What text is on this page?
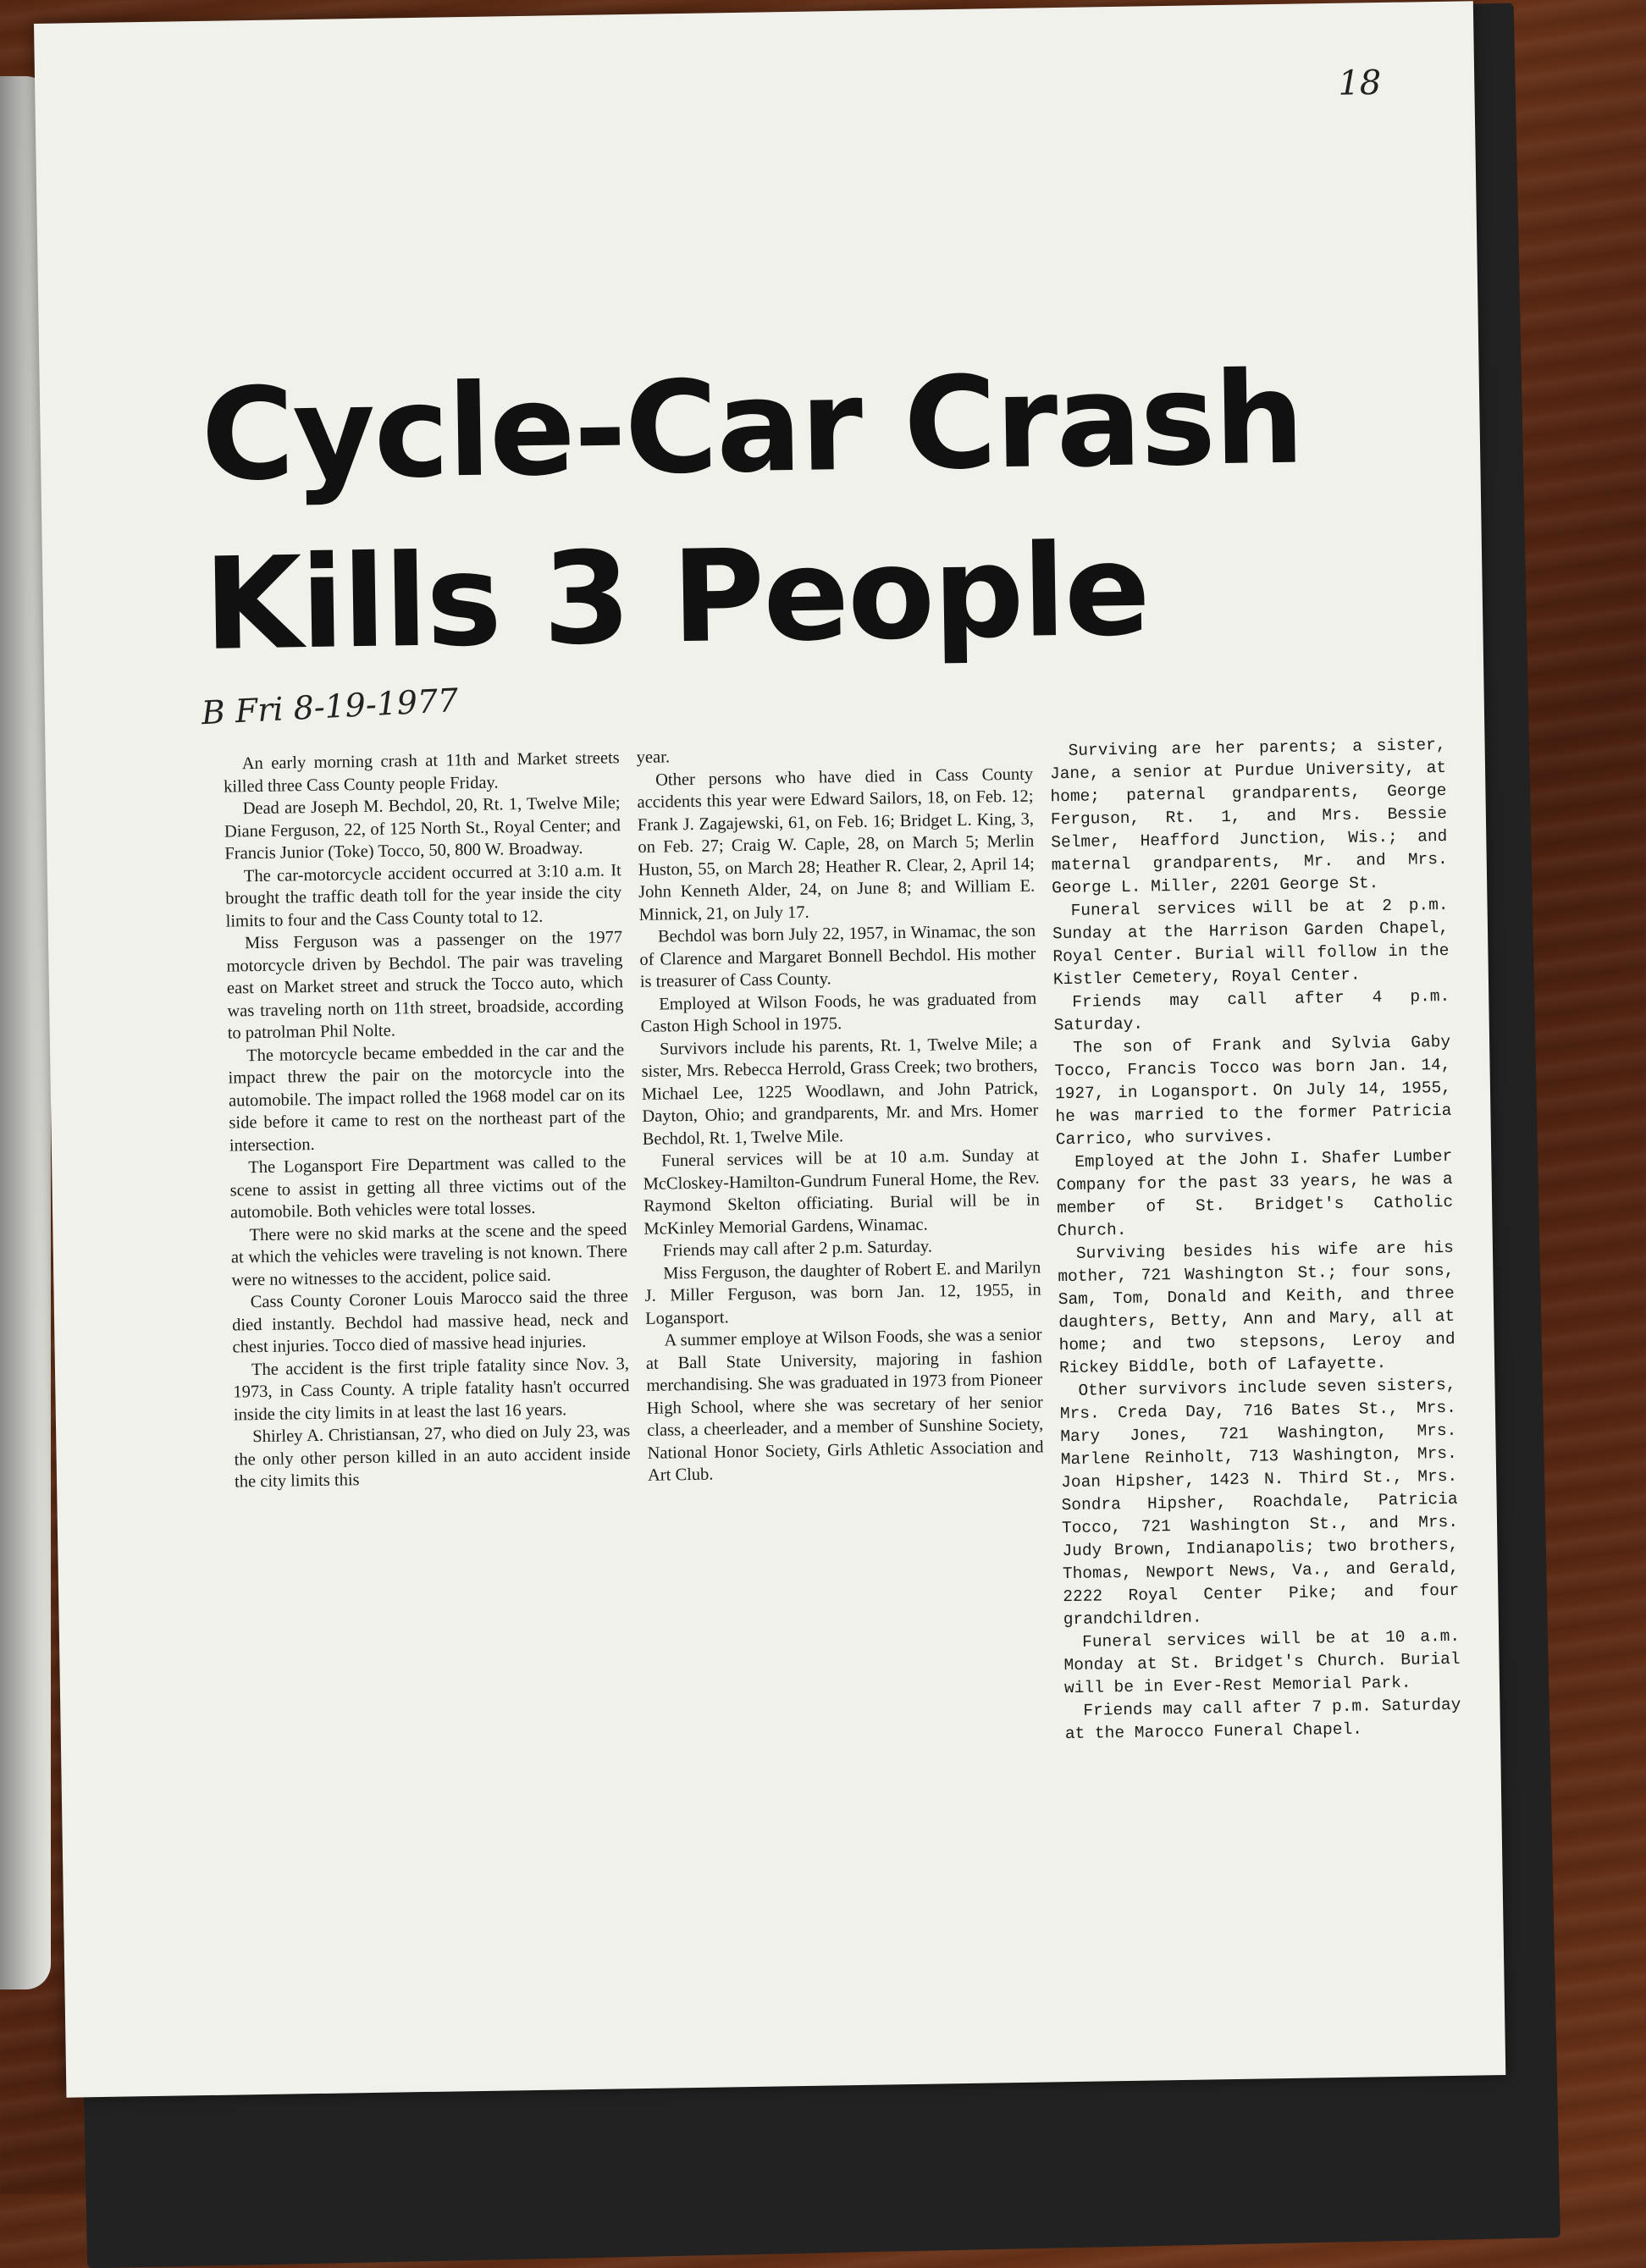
18
Cycle-Car Crash
Kills 3 People
B Fri 8-19-1977

An early morning crash at 11th and Market streets killed three Cass County people Friday.

Dead are Joseph M. Bechdol, 20, Rt. 1, Twelve Mile; Diane Ferguson, 22, of 125 North St., Royal Center; and Francis Junior (Toke) Tocco, 50, 800 W. Broadway.

The car-motorcycle accident occurred at 3:10 a.m. It brought the traffic death toll for the year inside the city limits to four and the Cass County total to 12.

Miss Ferguson was a passenger on the 1977 motorcycle driven by Bechdol. The pair was traveling east on Market street and struck the Tocco auto, which was traveling north on 11th street, broadside, according to patrolman Phil Nolte.

The motorcycle became embedded in the car and the impact threw the pair on the motorcycle into the automobile. The impact rolled the 1968 model car on its side before it came to rest on the northeast part of the intersection.

The Logansport Fire Department was called to the scene to assist in getting all three victims out of the automobile. Both vehicles were total losses.

There were no skid marks at the scene and the speed at which the vehicles were traveling is not known. There were no witnesses to the accident, police said.

Cass County Coroner Louis Marocco said the three died instantly. Bechdol had massive head, neck and chest injuries. Tocco died of massive head injuries.

The accident is the first triple fatality since Nov. 3, 1973, in Cass County. A triple fatality hasn't occurred inside the city limits in at least the last 16 years.

Shirley A. Christiansan, 27, who died on July 23, was the only other person killed in an auto accident inside the city limits this

year.

Other persons who have died in Cass County accidents this year were Edward Sailors, 18, on Feb. 12; Frank J. Zagajewski, 61, on Feb. 16; Bridget L. King, 3, on Feb. 27; Craig W. Caple, 28, on March 5; Merlin Huston, 55, on March 28; Heather R. Clear, 2, April 14; John Kenneth Alder, 24, on June 8; and William E. Minnick, 21, on July 17.

Bechdol was born July 22, 1957, in Winamac, the son of Clarence and Margaret Bonnell Bechdol. His mother is treasurer of Cass County.

Employed at Wilson Foods, he was graduated from Caston High School in 1975.

Survivors include his parents, Rt. 1, Twelve Mile; a sister, Mrs. Rebecca Herrold, Grass Creek; two brothers, Michael Lee, 1225 Woodlawn, and John Patrick, Dayton, Ohio; and grandparents, Mr. and Mrs. Homer Bechdol, Rt. 1, Twelve Mile.

Funeral services will be at 10 a.m. Sunday at McCloskey-Hamilton-Gundrum Funeral Home, the Rev. Raymond Skelton officiating. Burial will be in McKinley Memorial Gardens, Winamac.

Friends may call after 2 p.m. Saturday.

Miss Ferguson, the daughter of Robert E. and Marilyn J. Miller Ferguson, was born Jan. 12, 1955, in Logansport.

A summer employe at Wilson Foods, she was a senior at Ball State University, majoring in fashion merchandising. She was graduated in 1973 from Pioneer High School, where she was secretary of her senior class, a cheerleader, and a member of Sunshine Society, National Honor Society, Girls Athletic Association and Art Club.

Surviving are her parents; a sister, Jane, a senior at Purdue University, at home; paternal grandparents, George Ferguson, Rt. 1, and Mrs. Bessie Selmer, Heafford Junction, Wis.; and maternal grandparents, Mr. and Mrs. George L. Miller, 2201 George St.

Funeral services will be at 2 p.m. Sunday at the Harrison Garden Chapel, Royal Center. Burial will follow in the Kistler Cemetery, Royal Center.

Friends may call after 4 p.m. Saturday.

The son of Frank and Sylvia Gaby Tocco, Francis Tocco was born Jan. 14, 1927, in Logansport. On July 14, 1955, he was married to the former Patricia Carrico, who survives.

Employed at the John I. Shafer Lumber Company for the past 33 years, he was a member of St. Bridget's Catholic Church.

Surviving besides his wife are his mother, 721 Washington St.; four sons, Sam, Tom, Donald and Keith, and three daughters, Betty, Ann and Mary, all at home; and two stepsons, Leroy and Rickey Biddle, both of Lafayette.

Other survivors include seven sisters, Mrs. Creda Day, 716 Bates St., Mrs. Mary Jones, 721 Washington, Mrs. Marlene Reinholt, 713 Washington, Mrs. Joan Hipsher, 1423 N. Third St., Mrs. Sondra Hipsher, Roachdale, Patricia Tocco, 721 Washington St., and Mrs. Judy Brown, Indianapolis; two brothers, Thomas, Newport News, Va., and Gerald, 2222 Royal Center Pike; and four grandchildren.

Funeral services will be at 10 a.m. Monday at St. Bridget's Church. Burial will be in Ever-Rest Memorial Park.

Friends may call after 7 p.m. Saturday at the Marocco Funeral Chapel.
